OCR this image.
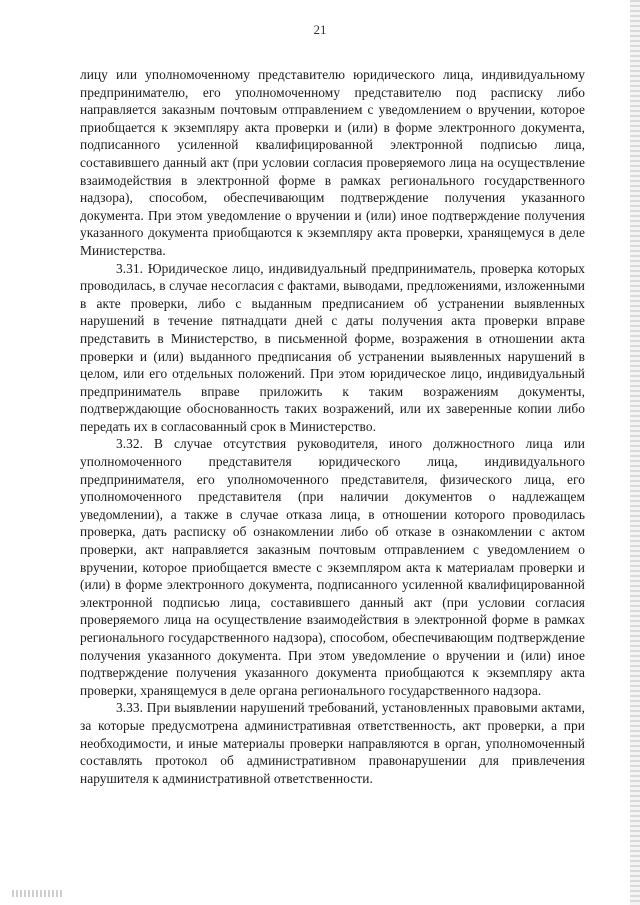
21

лицу или уполномоченному представителю юридического лица, индивидуальному предпринимателю, его уполномоченному представителю под расписку либо направляется заказным почтовым отправлением с уведомлением о вручении, которое приобщается к экземпляру акта проверки и (или) в форме электронного документа, подписанного усиленной квалифицированной электронной подписью лица, составившего данный акт (при условии согласия проверяемого лица на осуществление взаимодействия в электронной форме в рамках регионального государственного надзора), способом, обеспечивающим подтверждение получения указанного документа. При этом уведомление о вручении и (или) иное подтверждение получения указанного документа приобщаются к экземпляру акта проверки, хранящемуся в деле Министерства.

3.31. Юридическое лицо, индивидуальный предприниматель, проверка которых проводилась, в случае несогласия с фактами, выводами, предложениями, изложенными в акте проверки, либо с выданным предписанием об устранении выявленных нарушений в течение пятнадцати дней с даты получения акта проверки вправе представить в Министерство, в письменной форме, возражения в отношении акта проверки и (или) выданного предписания об устранении выявленных нарушений в целом, или его отдельных положений. При этом юридическое лицо, индивидуальный предприниматель вправе приложить к таким возражениям документы, подтверждающие обоснованность таких возражений, или их заверенные копии либо передать их в согласованный срок в Министерство.

3.32. В случае отсутствия руководителя, иного должностного лица или уполномоченного представителя юридического лица, индивидуального предпринимателя, его уполномоченного представителя, физического лица, его уполномоченного представителя (при наличии документов о надлежащем уведомлении), а также в случае отказа лица, в отношении которого проводилась проверка, дать расписку об ознакомлении либо об отказе в ознакомлении с актом проверки, акт направляется заказным почтовым отправлением с уведомлением о вручении, которое приобщается вместе с экземпляром акта к материалам проверки и (или) в форме электронного документа, подписанного усиленной квалифицированной электронной подписью лица, составившего данный акт (при условии согласия проверяемого лица на осуществление взаимодействия в электронной форме в рамках регионального государственного надзора), способом, обеспечивающим подтверждение получения указанного документа. При этом уведомление о вручении и (или) иное подтверждение получения указанного документа приобщаются к экземпляру акта проверки, хранящемуся в деле органа регионального государственного надзора.

3.33. При выявлении нарушений требований, установленных правовыми актами, за которые предусмотрена административная ответственность, акт проверки, а при необходимости, и иные материалы проверки направляются в орган, уполномоченный составлять протокол об административном правонарушении для привлечения нарушителя к административной ответственности.
